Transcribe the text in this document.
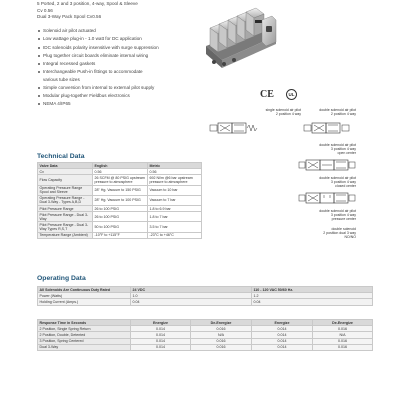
5 Ported, 2 and 3 position, 4-way, Spool & Sleeve

Cv 0.56

Dual 3-Way Pack Spool Cv0.56

Solenoid air pilot actuated
Low wattage plug-in - 1.0 watt for DC application
IDC solenoids polarity insensitive with surge suppression
Plug together circuit boards eliminate internal wiring
Integral recessed gaskets
Interchangeable Push-in fittings to accommodate
various tube sizes
Simple conversion from internal to external pilot supply
Modular plug-together Fieldbus electronics
NEMA 4/IP65
CE	UL
single solenoid air pilot
2 position 4 way
double solenoid air pilot
2 position 4 way
double solenoid air pilot
3 position 4 way
open center
double solenoid air pilot
3 position 4 way
closed center
double solenoid air pilot
3 position 4 way
pressure center
double solenoid
2 position dual 3 way
NO/NO
Technical Data
Valve Data	English	Metric
Cv	0.56	0.56
Flow Capacity	26 SCFM @ 80 PSIG upstream pressure to atmosphere	692 Nl/m @6 bar upstream pressure to atmosphere
Operating Pressure Range Spool and Sleeve	28" Hg. Vacuum to 150 PSIG	Vacuum to 10 bar
Operating Pressure Range - Dual 3-Way - Types A,B,D	28" Hg. Vacuum to 100 PSIG	Vacuum to 7 bar
Pilot Pressure Range	26 to 100 PSIG	1.8 to 6.9 bar
Pilot Pressure Range - Dual 3-Way	26 to 100 PSIG	1.8 to 7 bar
Pilot Pressure Range - Dual 3-Way Types R,S,T	50 to 100 PSIG	3.5 to 7 bar
Temperature Range (Ambient)	-10°F to +115°F	-23°C to +46°C
Operating Data
All Solenoids Are Continuous Duty Rated	24 VDC	110 - 120 VAC 50/60 Hz.
Power (Watts)	1.0	1.2
Holding Current (Amps.)	0.04	0.04
Response Time in Seconds	Energize	De-Energize	Energize	De-Energize
2 Position, Single Spring Return	0.014	0.016	0.014	0.016
2 Position, Double, Detented	0.014	N/A	0.014	N/A
3 Position, Spring Centered	0.014	0.016	0.014	0.016
Dual 3-Way	0.014	0.016	0.014	0.016
